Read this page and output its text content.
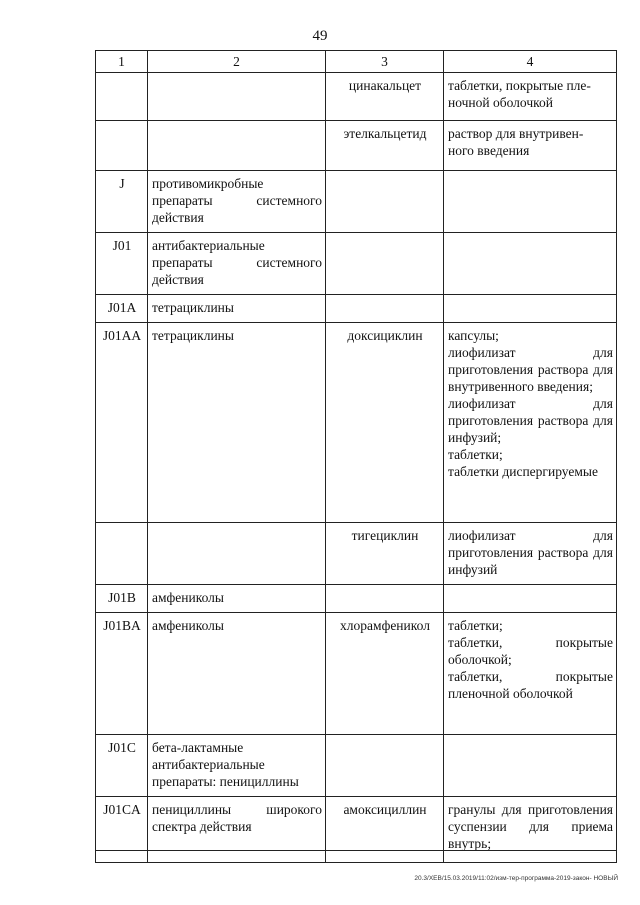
49
1	2	3	4
		цинакальцет	таблетки, покрытые пле-
ночной оболочкой

		этелкальцетид	раствор для внутривен-
ного введения

J	противомикробные препараты системного действия		
J01	антибактериальные препараты системного действия		
J01A	тетрациклины		
J01AA	тетрациклины	доксициклин	капсулы;
лиофилизат для приготовления раствора для внутривенного введения;
лиофилизат для приготовления раствора для инфузий;
таблетки;
таблетки диспергируемые

		тигециклин	лиофилизат для приготовления раствора для инфузий

J01B	амфениколы		
J01BA	амфениколы	хлорамфеникол	таблетки;
таблетки, покрытые оболочкой;
таблетки, покрытые пленочной оболочкой

J01C	бета-лактамные антибактериальные препараты: пенициллины		
J01CA	пенициллины широкого спектра действия	амоксициллин	гранулы для приготовления суспензии для приема внутрь;
20.3/ХЕВ/15.03.2019/11:02/изм-тер-программа-2019-закон- НОВЫЙ
